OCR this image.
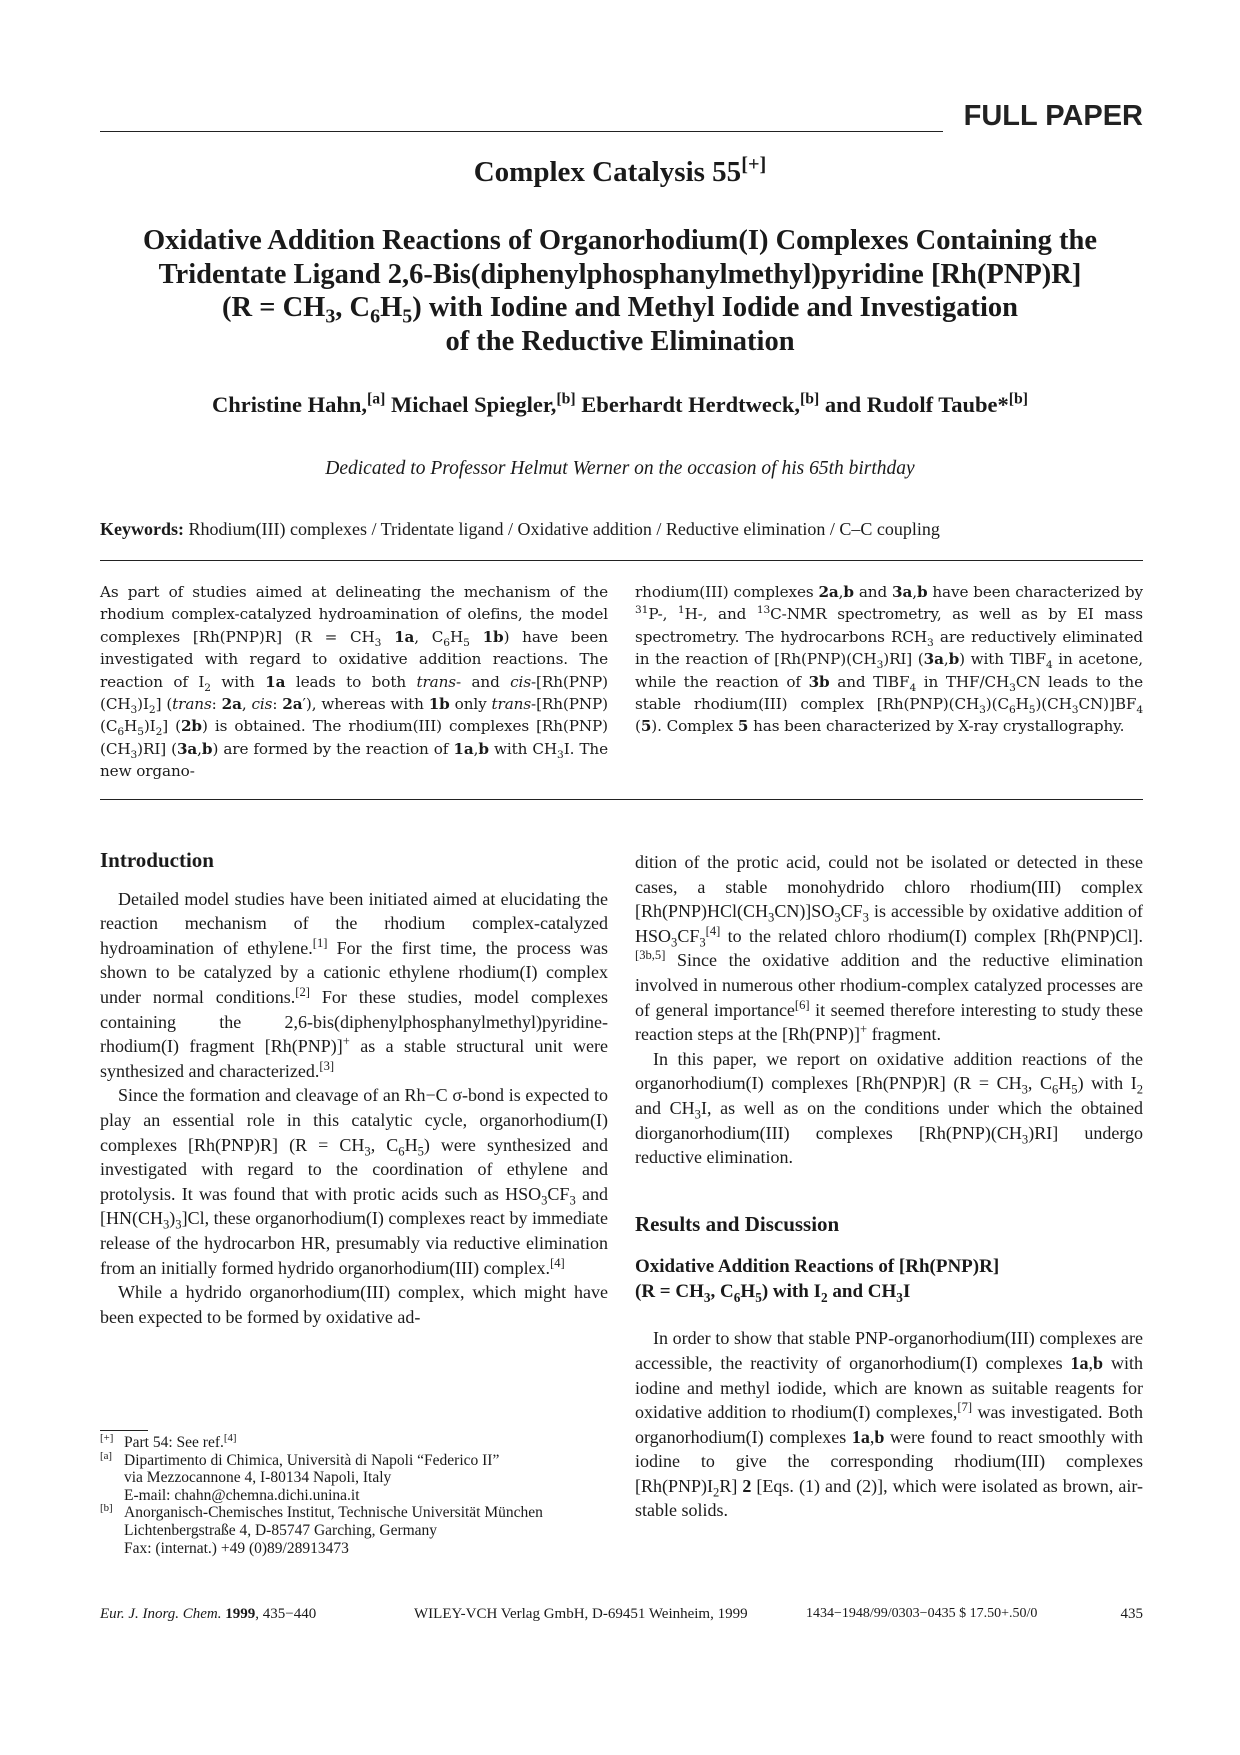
FULL PAPER
Complex Catalysis 55[+]
Oxidative Addition Reactions of Organorhodium(I) Complexes Containing the
Tridentate Ligand 2,6-Bis(diphenylphosphanylmethyl)pyridine [Rh(PNP)R]
($R = CH_3$, $C_6H_5$) with Iodine and Methyl Iodide and Investigation
of the Reductive Elimination
Christine Hahn,[a] Michael Spiegler,[b] Eberhardt Herdtweck,[b] and Rudolf Taube*[b]
Dedicated to Professor Helmut Werner on the occasion of his 65th birthday
Keywords: Rhodium(III) complexes / Tridentate ligand / Oxidative addition / Reductive elimination / C–C coupling

As part of studies aimed at delineating the mechanism of the rhodium complex-catalyzed hydroamination of olefins, the model complexes [Rh(PNP)R] ($R = CH_3$ 1a, $C_6H_5$ 1b) have been investigated with regard to oxidative addition reactions. The reaction of $I_2$ with 1a leads to both trans- and cis-$[Rh(PNP)(CH_3)I_2]$ (trans: 2a, cis: 2a′), whereas with 1b only trans-$[Rh(PNP)(C_6H_5)I_2]$ (2b) is obtained. The rhodium(III) complexes $[Rh(PNP)(CH_3)RI]$ (3a,b) are formed by the reaction of 1a,b with $CH_3I$. The new organo-

rhodium(III) complexes 2a,b and 3a,b have been characterized by $^{31}$P-, $^1$H-, and $^{13}$C-NMR spectrometry, as well as by EI mass spectrometry. The hydrocarbons $RCH_3$ are reductively eliminated in the reaction of $[Rh(PNP)(CH_3)RI]$ (3a,b) with TlBF$_4$ in acetone, while the reaction of 3b and TlBF$_4$ in THF/$CH_3CN$ leads to the stable rhodium(III) complex $[Rh(PNP)(CH_3)(C_6H_5)(CH_3CN)]BF_4$ (5). Complex 5 has been characterized by X-ray crystallography.

Introduction

Detailed model studies have been initiated aimed at elucidating the reaction mechanism of the rhodium complex-catalyzed hydroamination of ethylene.[1] For the first time, the process was shown to be catalyzed by a cationic ethylene rhodium(I) complex under normal conditions.[2] For these studies, model complexes containing the 2,6-bis(diphenylphosphanylmethyl)pyridine-rhodium(I) fragment [Rh(PNP)]+ as a stable structural unit were synthesized and characterized.[3]

Since the formation and cleavage of an Rh−C σ-bond is expected to play an essential role in this catalytic cycle, organorhodium(I) complexes [Rh(PNP)R] ($R = CH_3$, $C_6H_5$) were synthesized and investigated with regard to the coordination of ethylene and protolysis. It was found that with protic acids such as $HSO_3CF_3$ and $[HN(CH_3)_3]Cl$, these organorhodium(I) complexes react by immediate release of the hydrocarbon HR, presumably via reductive elimination from an initially formed hydrido organorhodium(III) complex.[4]

While a hydrido organorhodium(III) complex, which might have been expected to be formed by oxidative ad-

dition of the protic acid, could not be isolated or detected in these cases, a stable monohydrido chloro rhodium(III) complex $[Rh(PNP)HCl(CH_3CN)]SO_3CF_3$ is accessible by oxidative addition of $HSO_3CF_3[4]$ to the related chloro rhodium(I) complex [Rh(PNP)Cl].[3b,5] Since the oxidative addition and the reductive elimination involved in numerous other rhodium-complex catalyzed processes are of general importance[6] it seemed therefore interesting to study these reaction steps at the [Rh(PNP)]+ fragment.

In this paper, we report on oxidative addition reactions of the organorhodium(I) complexes [Rh(PNP)R] ($R = CH_3$, $C_6H_5$) with $I_2$ and $CH_3I$, as well as on the conditions under which the obtained diorganorhodium(III) complexes $[Rh(PNP)(CH_3)RI]$ undergo reductive elimination.

Results and Discussion
Oxidative Addition Reactions of [Rh(PNP)R]
($R = CH_3$, $C_6H_5$) with $I_2$ and $CH_3I$

In order to show that stable PNP-organorhodium(III) complexes are accessible, the reactivity of organorhodium(I) complexes 1a,b with iodine and methyl iodide, which are known as suitable reagents for oxidative addition to rhodium(I) complexes,[7] was investigated. Both organorhodium(I) complexes 1a,b were found to react smoothly with iodine to give the corresponding rhodium(III) complexes $[Rh(PNP)I_2R]$ 2 [Eqs. (1) and (2)], which were isolated as brown, air-stable solids.

[+] Part 54: See ref.[4]
[a] Dipartimento di Chimica, Università di Napoli “Federico II”
via Mezzocannone 4, I-80134 Napoli, Italy
E-mail: chahn@chemna.dichi.unina.it
[b] Anorganisch-Chemisches Institut, Technische Universität München
Lichtenbergstraße 4, D-85747 Garching, Germany
Fax: (internat.) +49 (0)89/28913473
Eur. J. Inorg. Chem. 1999, 435−440	WILEY-VCH Verlag GmbH, D-69451 Weinheim, 1999	1434−1948/99/0303−0435 $ 17.50+.50/0	435
